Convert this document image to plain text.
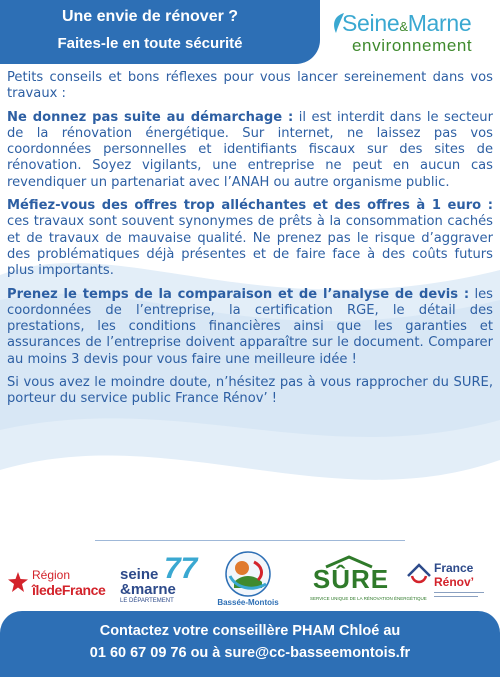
Une envie de rénover ?
Faites-le en toute sécurité
Seine&Marne
environnement

Petits conseils et bons réflexes pour vous lancer sereinement dans vos travaux :

Ne donnez pas suite au démarchage : il est interdit dans le secteur de la rénovation énergétique. Sur internet, ne laissez pas vos coordonnées personnelles et identifiants fiscaux sur des sites de rénovation. Soyez vigilants, une entreprise ne peut en aucun cas revendiquer un partenariat avec l’ANAH ou autre organisme public.

Méfiez-vous des offres trop alléchantes et des offres à 1 euro : ces travaux sont souvent synonymes de prêts à la consommation cachés et de travaux de mauvaise qualité. Ne prenez pas le risque d’aggraver des problématiques déjà présentes et de faire face à des coûts futurs plus importants.

Prenez le temps de la comparaison et de l’analyse de devis : les coordonnées de l’entreprise, la certification RGE, le détail des prestations, les conditions financières ainsi que les garanties et assurances de l’entreprise doivent apparaître sur le document. Comparer au moins 3 devis pour vous faire une meilleure idée !

Si vous avez le moindre doute, n’hésitez pas à vous rapprocher du SURE, porteur du service public France Rénov’ !

Région
îledeFrance
seine
&marne
LE DÉPARTEMENT
77
Bassée-Montois
SÛRE
SERVICE UNIQUE DE LA RÉNOVATION ÉNERGÉTIQUE
France
Rénov’
Contactez votre conseillère PHAM Chloé au
01 60 67 09 76 ou à sure@cc-basseemontois.fr
